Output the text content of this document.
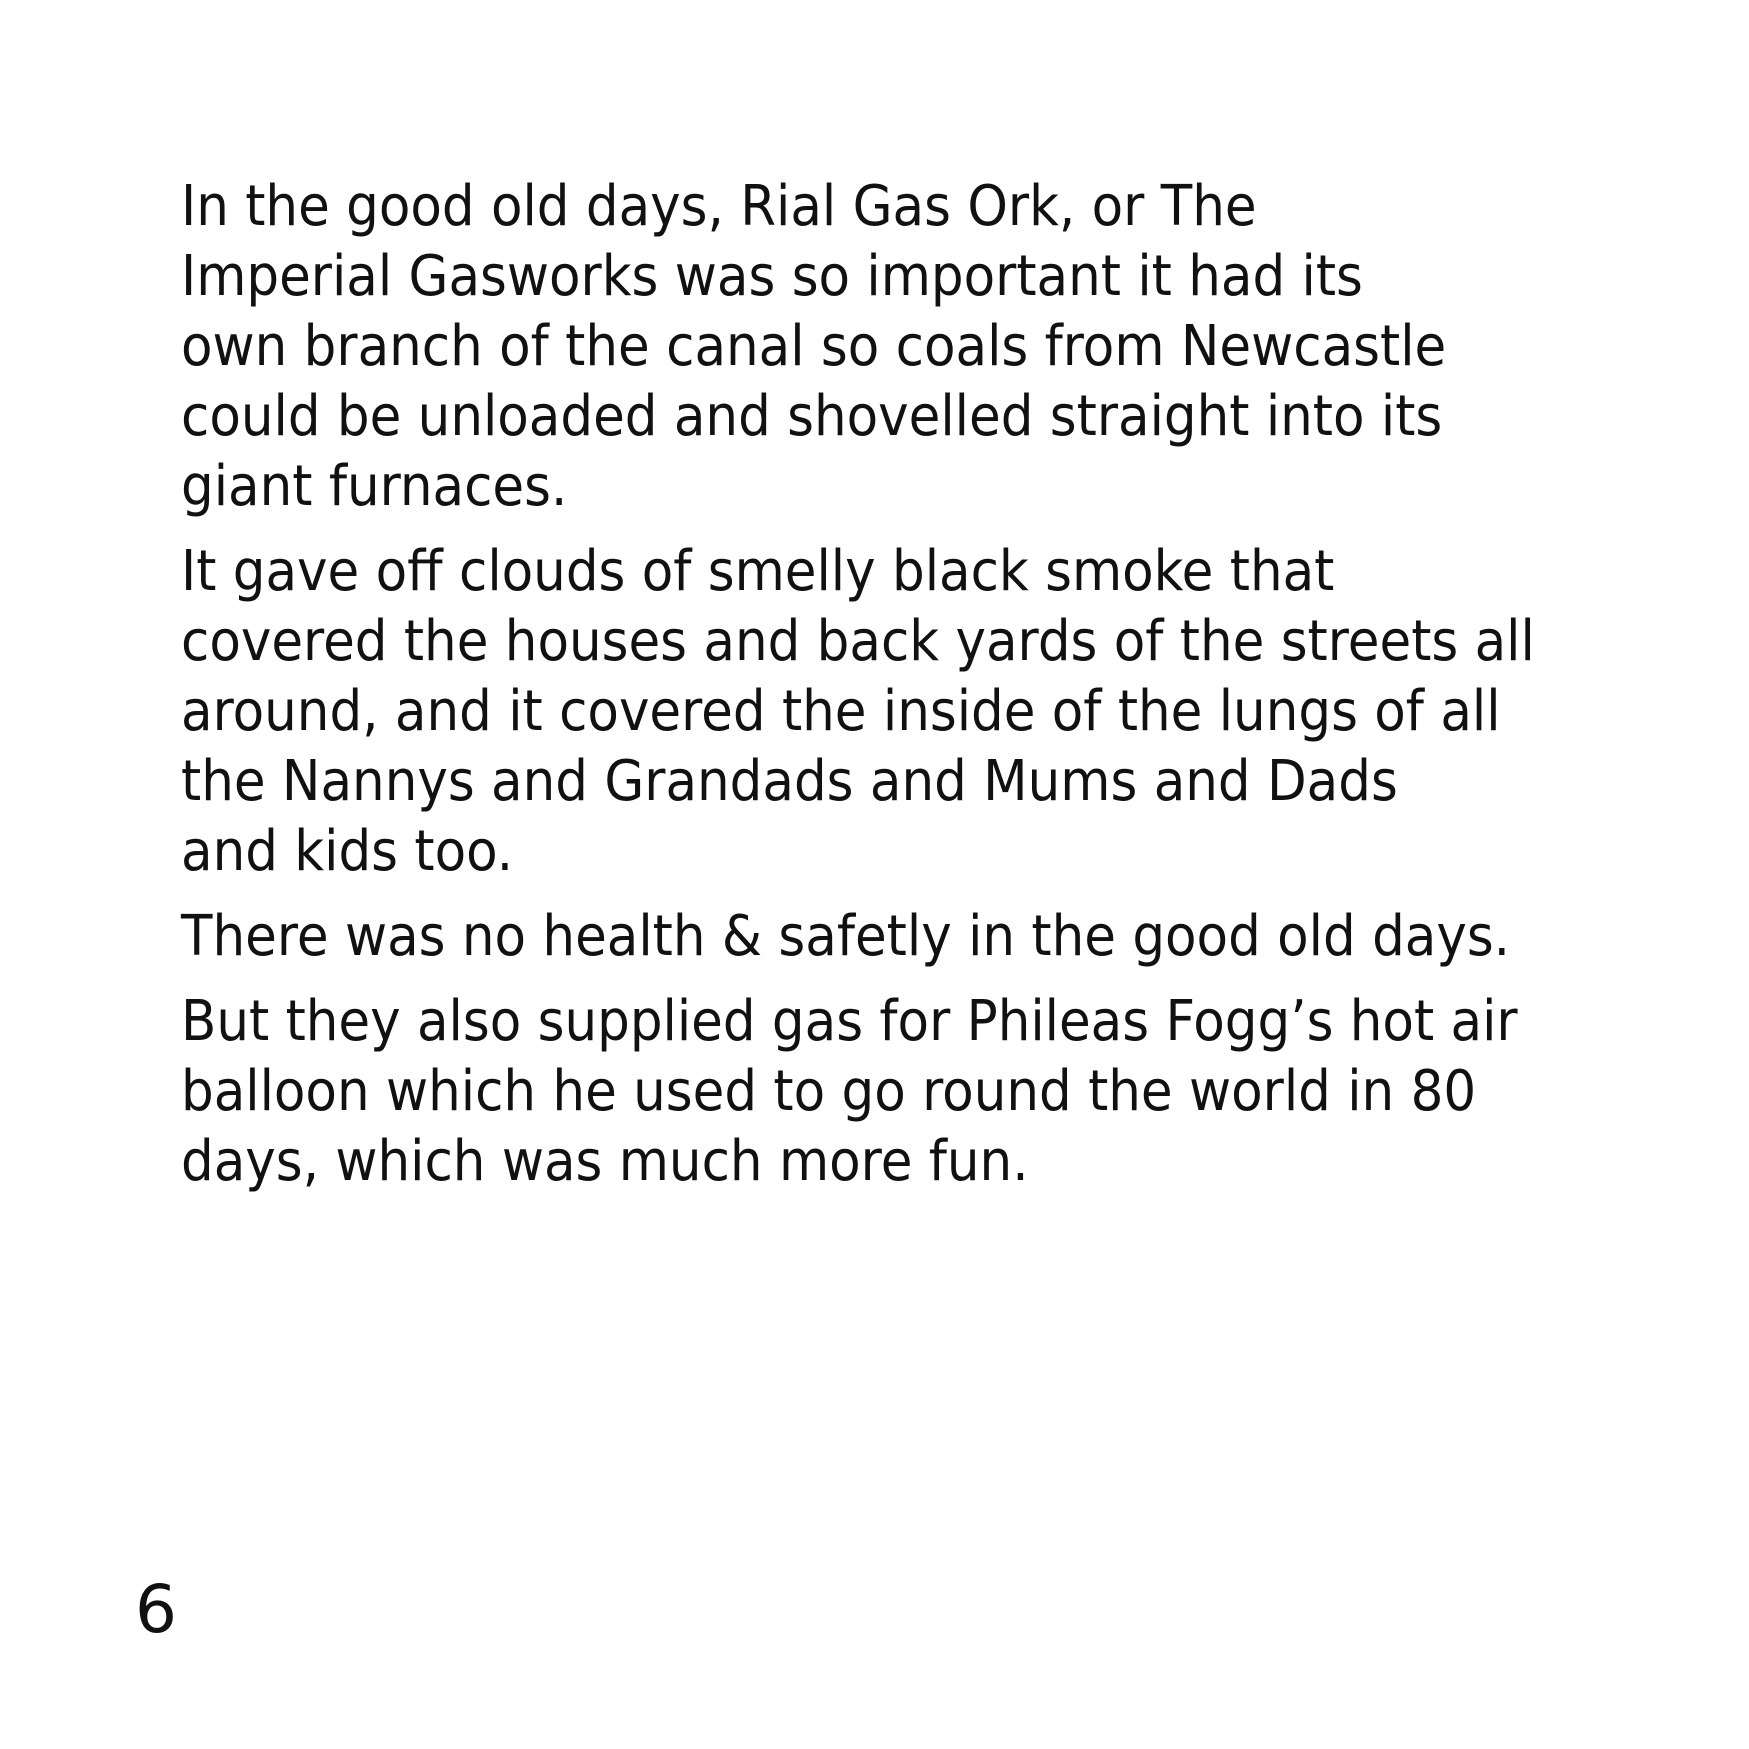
In the good old days, Rial Gas Ork, or The
Imperial Gasworks was so important it had its
own branch of the canal so coals from Newcastle
could be unloaded and shovelled straight into its
giant furnaces.

It gave off clouds of smelly black smoke that
covered the houses and back yards of the streets all
around, and it covered the inside of the lungs of all
the Nannys and Grandads and Mums and Dads
and kids too.

There was no health & safetly in the good old days.

But they also supplied gas for Phileas Fogg’s hot air
balloon which he used to go round the world in 80
days, which was much more fun.

6
